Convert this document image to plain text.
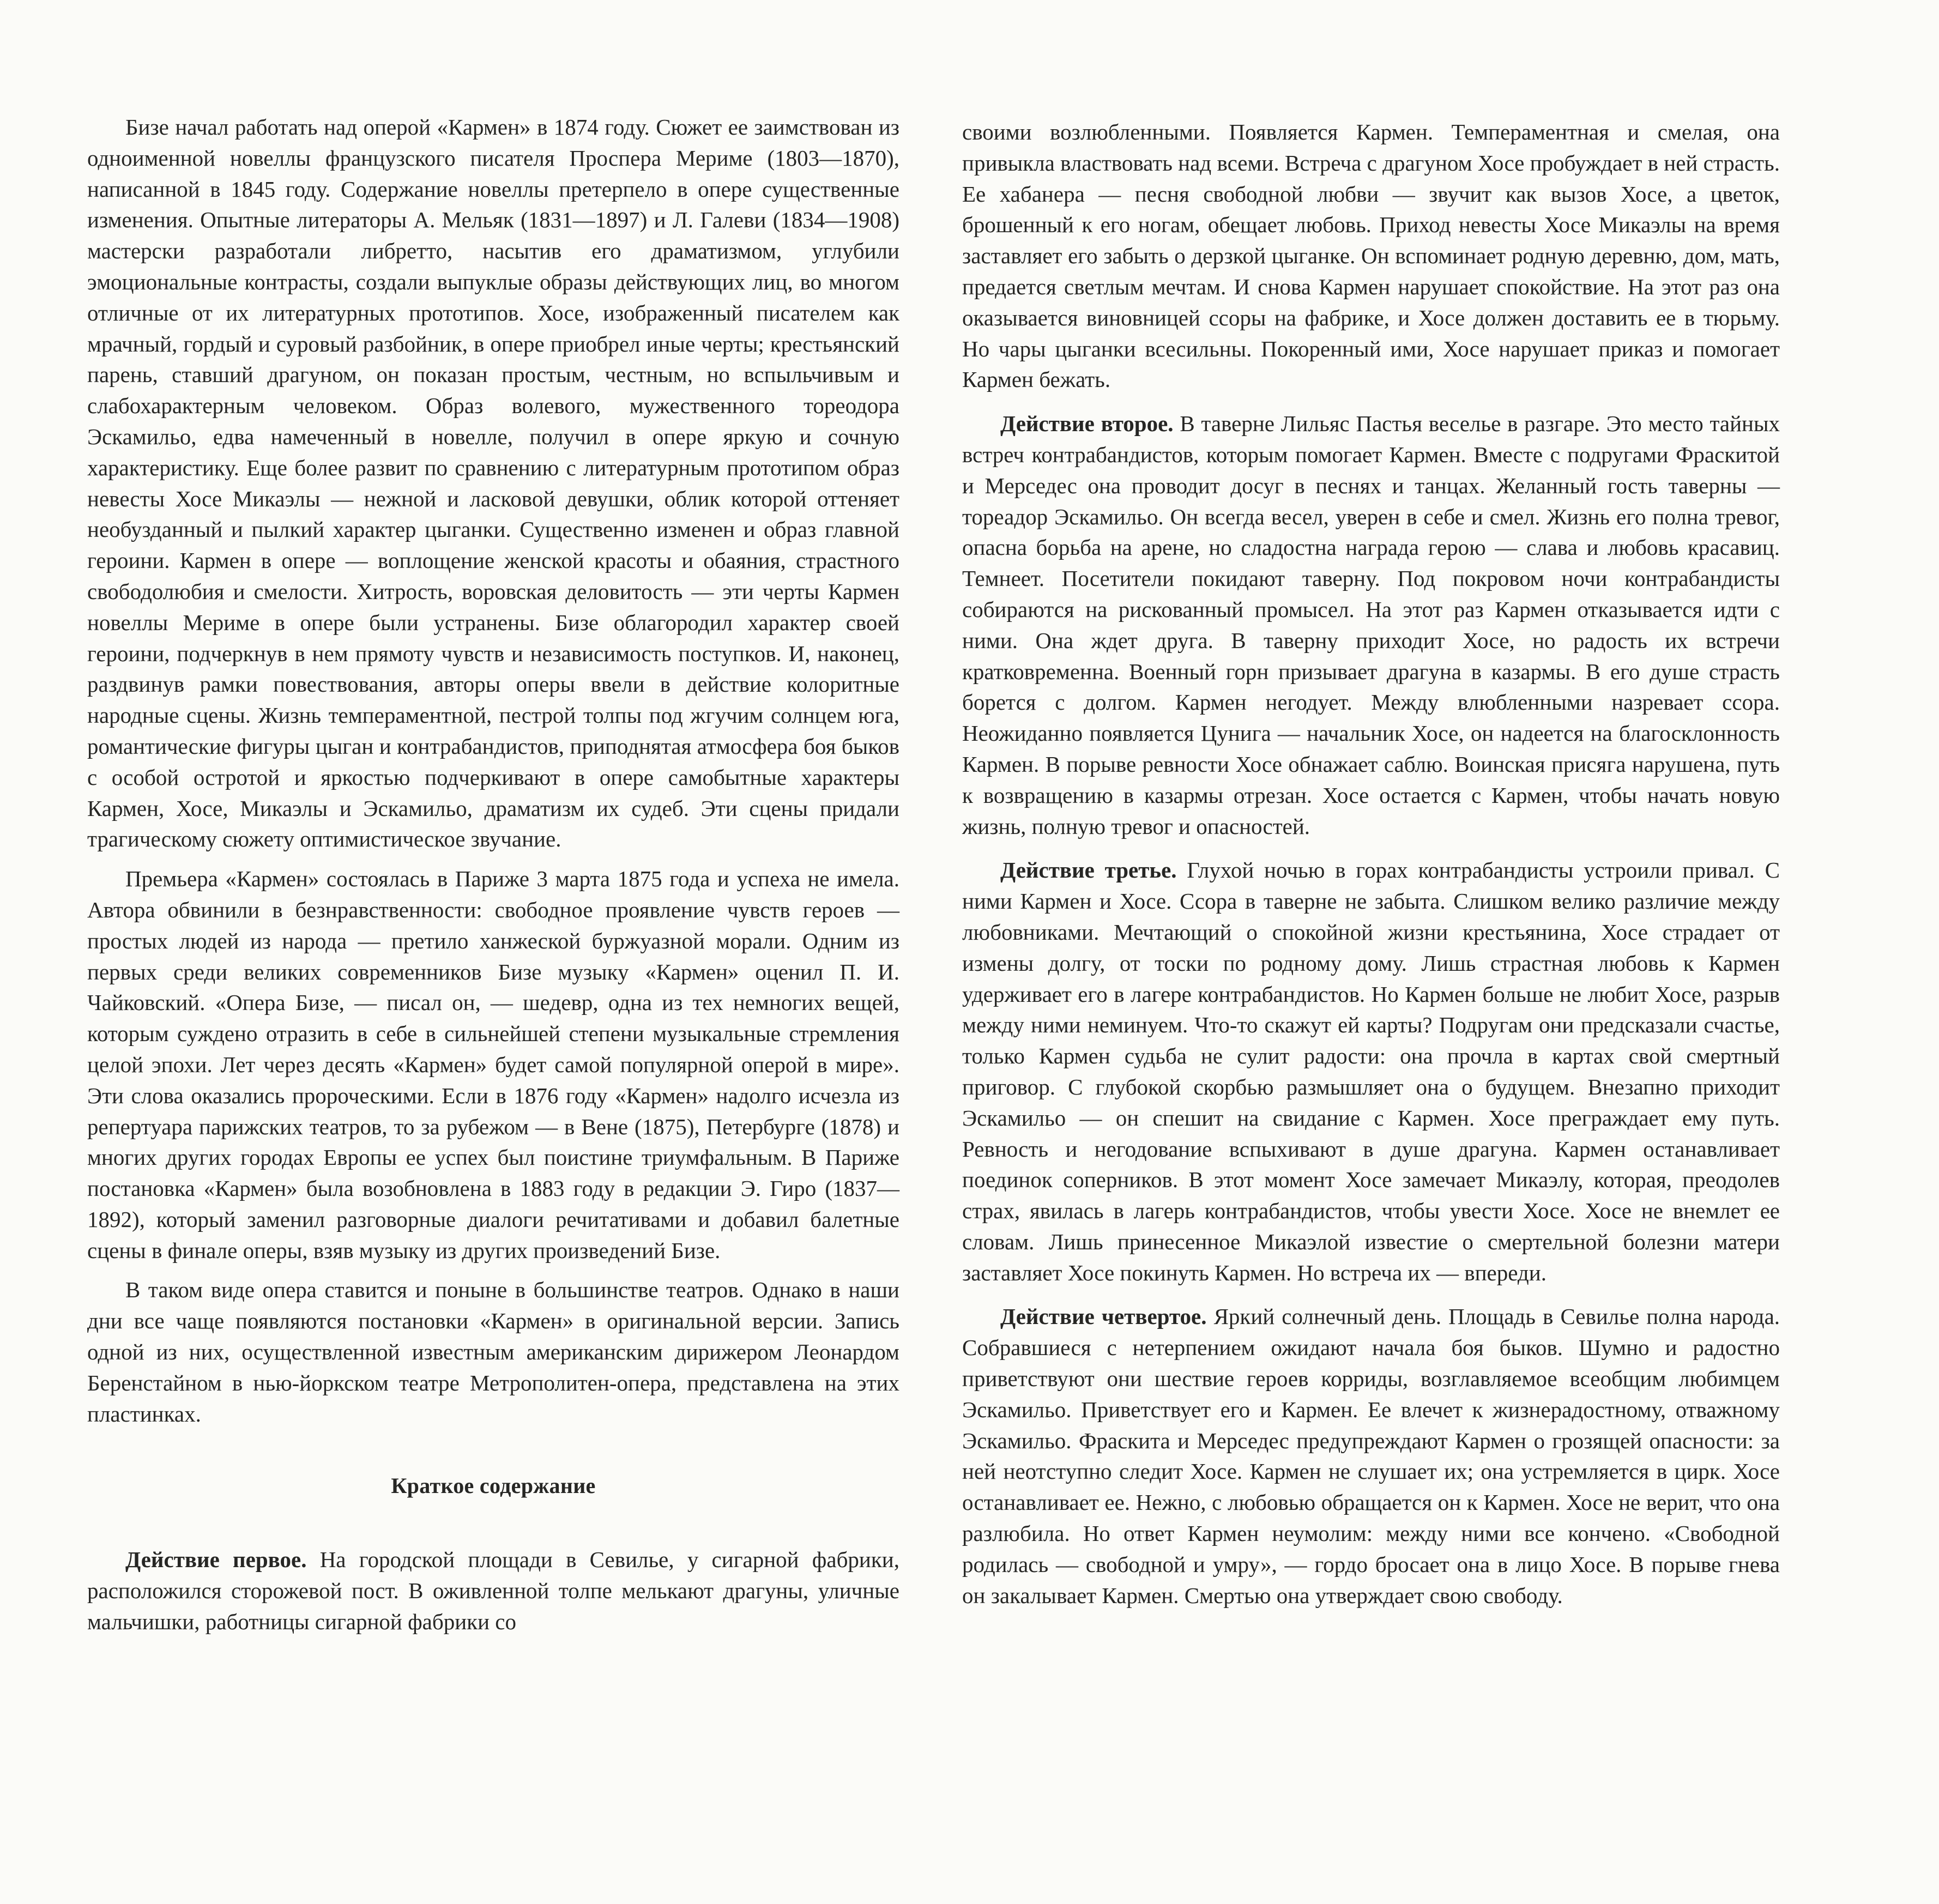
Бизе начал работать над оперой «Кармен» в 1874 году. Сюжет ее заимствован из одноименной новеллы французского писателя Проспера Мериме (1803—1870), написанной в 1845 году. Содержание новеллы претерпело в опере существенные изменения. Опытные литераторы А. Мельяк (1831—1897) и Л. Галеви (1834—1908) мастерски разработали либретто, насытив его драматизмом, углубили эмоциональные контрасты, создали выпуклые образы действующих лиц, во многом отличные от их литературных прототипов. Хосе, изображенный писателем как мрачный, гордый и суровый разбойник, в опере приобрел иные черты; крестьянский парень, ставший драгуном, он показан простым, честным, но вспыльчивым и слабохарактерным человеком. Образ волевого, мужественного тореодора Эскамильо, едва намеченный в новелле, получил в опере яркую и сочную характеристику. Еще более развит по сравнению с литературным прототипом образ невесты Хосе Микаэлы — нежной и ласковой девушки, облик которой оттеняет необузданный и пылкий характер цыганки. Существенно изменен и образ главной героини. Кармен в опере — воплощение женской красоты и обаяния, страстного свободолюбия и смелости. Хитрость, воровская деловитость — эти черты Кармен новеллы Мериме в опере были устранены. Бизе облагородил характер своей героини, подчеркнув в нем прямоту чувств и независимость поступков. И, наконец, раздвинув рамки повествования, авторы оперы ввели в действие колоритные народные сцены. Жизнь темпераментной, пестрой толпы под жгучим солнцем юга, романтические фигуры цыган и контрабандистов, приподнятая атмосфера боя быков с особой остротой и яркостью подчеркивают в опере самобытные характеры Кармен, Хосе, Микаэлы и Эскамильо, драматизм их судеб. Эти сцены придали трагическому сюжету оптимистическое звучание.

Премьера «Кармен» состоялась в Париже 3 марта 1875 года и успеха не имела. Автора обвинили в безнравственности: свободное проявление чувств героев — простых людей из народа — претило ханжеской буржуазной морали. Одним из первых среди великих современников Бизе музыку «Кармен» оценил П. И. Чайковский. «Опера Бизе, — писал он, — шедевр, одна из тех немногих вещей, которым суждено отразить в себе в сильнейшей степени музыкальные стремления целой эпохи. Лет через десять «Кармен» будет самой популярной оперой в мире». Эти слова оказались пророческими. Если в 1876 году «Кармен» надолго исчезла из репертуара парижских театров, то за рубежом — в Вене (1875), Петербурге (1878) и многих других городах Европы ее успех был поистине триумфальным. В Париже постановка «Кармен» была возобновлена в 1883 году в редакции Э. Гиро (1837—1892), который заменил разговорные диалоги речитативами и добавил балетные сцены в финале оперы, взяв музыку из других произведений Бизе.

В таком виде опера ставится и поныне в большинстве театров. Однако в наши дни все чаще появляются постановки «Кармен» в оригинальной версии. Запись одной из них, осуществленной известным американским дирижером Леонардом Беренстайном в нью-йоркском театре Метрополитен-опера, представлена на этих пластинках.

Краткое содержание

Действие первое. На городской площади в Севилье, у сигарной фабрики, расположился сторожевой пост. В оживленной толпе мелькают драгуны, уличные мальчишки, работницы сигарной фабрики со

своими возлюбленными. Появляется Кармен. Темпераментная и смелая, она привыкла властвовать над всеми. Встреча с драгуном Хосе пробуждает в ней страсть. Ее хабанера — песня свободной любви — звучит как вызов Хосе, а цветок, брошенный к его ногам, обещает любовь. Приход невесты Хосе Микаэлы на время заставляет его забыть о дерзкой цыганке. Он вспоминает родную деревню, дом, мать, предается светлым мечтам. И снова Кармен нарушает спокойствие. На этот раз она оказывается виновницей ссоры на фабрике, и Хосе должен доставить ее в тюрьму. Но чары цыганки всесильны. Покоренный ими, Хосе нарушает приказ и помогает Кармен бежать.

Действие второе. В таверне Лильяс Пастья веселье в разгаре. Это место тайных встреч контрабандистов, которым помогает Кармен. Вместе с подругами Фраскитой и Мерседес она проводит досуг в песнях и танцах. Желанный гость таверны — тореадор Эскамильо. Он всегда весел, уверен в себе и смел. Жизнь его полна тревог, опасна борьба на арене, но сладостна награда герою — слава и любовь красавиц. Темнеет. Посетители покидают таверну. Под покровом ночи контрабандисты собираются на рискованный промысел. На этот раз Кармен отказывается идти с ними. Она ждет друга. В таверну приходит Хосе, но радость их встречи кратковременна. Военный горн призывает драгуна в казармы. В его душе страсть борется с долгом. Кармен негодует. Между влюбленными назревает ссора. Неожиданно появляется Цунига — начальник Хосе, он надеется на благосклонность Кармен. В порыве ревности Хосе обнажает саблю. Воинская присяга нарушена, путь к возвращению в казармы отрезан. Хосе остается с Кармен, чтобы начать новую жизнь, полную тревог и опасностей.

Действие третье. Глухой ночью в горах контрабандисты устроили привал. С ними Кармен и Хосе. Ссора в таверне не забыта. Слишком велико различие между любовниками. Мечтающий о спокойной жизни крестьянина, Хосе страдает от измены долгу, от тоски по родному дому. Лишь страстная любовь к Кармен удерживает его в лагере контрабандистов. Но Кармен больше не любит Хосе, разрыв между ними неминуем. Что-то скажут ей карты? Подругам они предсказали счастье, только Кармен судьба не сулит радости: она прочла в картах свой смертный приговор. С глубокой скорбью размышляет она о будущем. Внезапно приходит Эскамильо — он спешит на свидание с Кармен. Хосе преграждает ему путь. Ревность и негодование вспыхивают в душе драгуна. Кармен останавливает поединок соперников. В этот момент Хосе замечает Микаэлу, которая, преодолев страх, явилась в лагерь контрабандистов, чтобы увести Хосе. Хосе не внемлет ее словам. Лишь принесенное Микаэлой известие о смертельной болезни матери заставляет Хосе покинуть Кармен. Но встреча их — впереди.

Действие четвертое. Яркий солнечный день. Площадь в Севилье полна народа. Собравшиеся с нетерпением ожидают начала боя быков. Шумно и радостно приветствуют они шествие героев корриды, возглавляемое всеобщим любимцем Эскамильо. Приветствует его и Кармен. Ее влечет к жизнерадостному, отважному Эскамильо. Фраскита и Мерседес предупреждают Кармен о грозящей опасности: за ней неотступно следит Хосе. Кармен не слушает их; она устремляется в цирк. Хосе останавливает ее. Нежно, с любовью обращается он к Кармен. Хосе не верит, что она разлюбила. Но ответ Кармен неумолим: между ними все кончено. «Свободной родилась — свободной и умру», — гордо бросает она в лицо Хосе. В порыве гнева он закалывает Кармен. Смертью она утверждает свою свободу.
